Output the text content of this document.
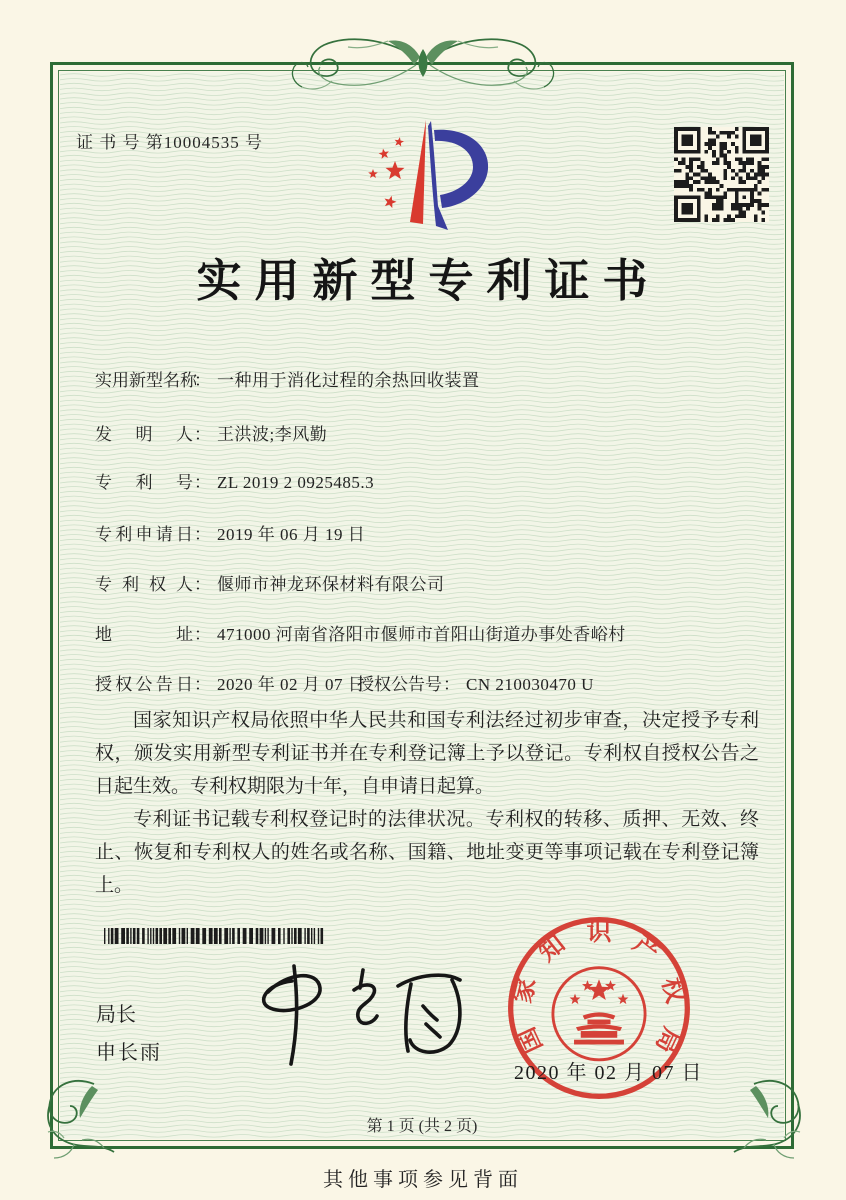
证 书 号 第10004535 号
实用新型专利证书
实用新型名称： 一种用于消化过程的余热回收装置
发明人： 王洪波;李风勤
专利号： ZL 2019 2 0925485.3
专利申请日： 2019 年 06 月 19 日
专利权人： 偃师市神龙环保材料有限公司
地址： 471000 河南省洛阳市偃师市首阳山街道办事处香峪村
授权公告日： 2020 年 02 月 07 日
授权公告号： CN 210030470 U

国家知识产权局依照中华人民共和国专利法经过初步审查，决定授予专利权，颁发实用新型专利证书并在专利登记簿上予以登记。专利权自授权公告之日起生效。专利权期限为十年，自申请日起算。

专利证书记载专利权登记时的法律状况。专利权的转移、质押、无效、终止、恢复和专利权人的姓名或名称、国籍、地址变更等事项记载在专利登记簿上。

局长
申长雨	国
家
知 识 产
权
局
2020 年 02 月 07 日
第 1 页 (共 2 页)
其他事项参见背面
